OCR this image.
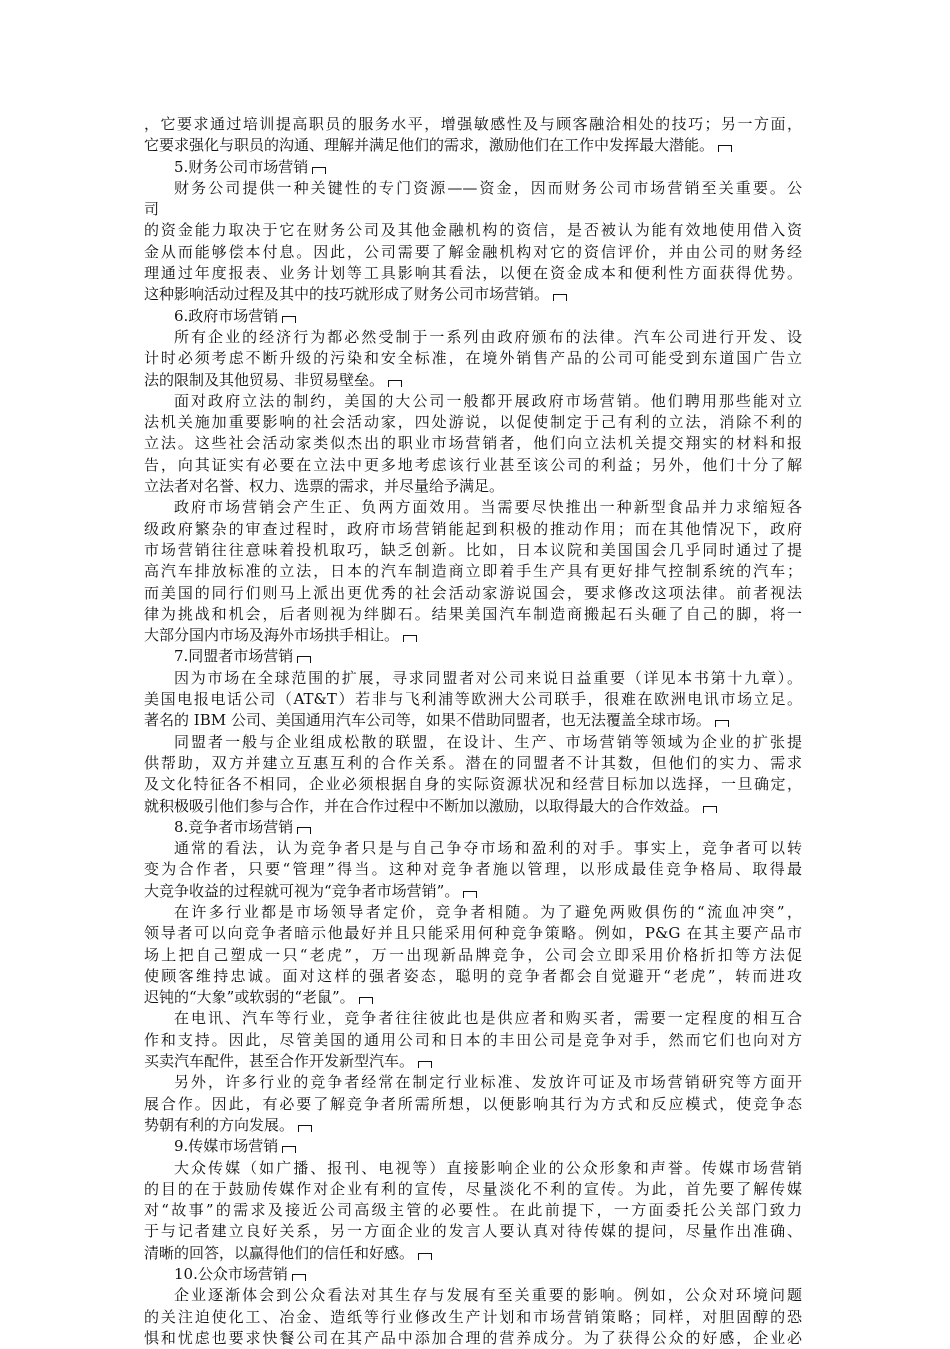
，它要求通过培训提高职员的服务水平，增强敏感性及与顾客融洽相处的技巧；另一方面，
它要求强化与职员的沟通、理解并满足他们的需求，激励他们在工作中发挥最大潜能。
5.财务公司市场营销
财务公司提供一种关键性的专门资源——资金，因而财务公司市场营销至关重要。公
司
的资金能力取决于它在财务公司及其他金融机构的资信，是否被认为能有效地使用借入资
金从而能够偿本付息。因此，公司需要了解金融机构对它的资信评价，并由公司的财务经
理通过年度报表、业务计划等工具影响其看法，以便在资金成本和便利性方面获得优势。
这种影响活动过程及其中的技巧就形成了财务公司市场营销。
6.政府市场营销
所有企业的经济行为都必然受制于一系列由政府颁布的法律。汽车公司进行开发、设
计时必须考虑不断升级的污染和安全标准，在境外销售产品的公司可能受到东道国广告立
法的限制及其他贸易、非贸易壁垒。
面对政府立法的制约，美国的大公司一般都开展政府市场营销。他们聘用那些能对立
法机关施加重要影响的社会活动家，四处游说，以促使制定于己有利的立法，消除不利的
立法。这些社会活动家类似杰出的职业市场营销者，他们向立法机关提交翔实的材料和报
告，向其证实有必要在立法中更多地考虑该行业甚至该公司的利益；另外，他们十分了解
立法者对名誉、权力、选票的需求，并尽量给予满足。
政府市场营销会产生正、负两方面效用。当需要尽快推出一种新型食品并力求缩短各
级政府繁杂的审查过程时，政府市场营销能起到积极的推动作用；而在其他情况下，政府
市场营销往往意味着投机取巧，缺乏创新。比如，日本议院和美国国会几乎同时通过了提
高汽车排放标准的立法，日本的汽车制造商立即着手生产具有更好排气控制系统的汽车；
而美国的同行们则马上派出更优秀的社会活动家游说国会，要求修改这项法律。前者视法
律为挑战和机会，后者则视为绊脚石。结果美国汽车制造商搬起石头砸了自己的脚，将一
大部分国内市场及海外市场拱手相让。
7.同盟者市场营销
因为市场在全球范围的扩展，寻求同盟者对公司来说日益重要（详见本书第十九章）。
美国电报电话公司（AT&T）若非与飞利浦等欧洲大公司联手，很难在欧洲电讯市场立足。
著名的 IBM 公司、美国通用汽车公司等，如果不借助同盟者，也无法覆盖全球市场。
同盟者一般与企业组成松散的联盟，在设计、生产、市场营销等领域为企业的扩张提
供帮助，双方并建立互惠互利的合作关系。潜在的同盟者不计其数，但他们的实力、需求
及文化特征各不相同，企业必须根据自身的实际资源状况和经营目标加以选择，一旦确定，
就积极吸引他们参与合作，并在合作过程中不断加以激励，以取得最大的合作效益。
8.竞争者市场营销
通常的看法，认为竞争者只是与自己争夺市场和盈利的对手。事实上，竞争者可以转
变为合作者，只要“管理”得当。这种对竞争者施以管理，以形成最佳竞争格局、取得最
大竞争收益的过程就可视为“竞争者市场营销”。
在许多行业都是市场领导者定价，竞争者相随。为了避免两败俱伤的“流血冲突”，
领导者可以向竞争者暗示他最好并且只能采用何种竞争策略。例如，P&G 在其主要产品市
场上把自己塑成一只“老虎”，万一出现新品牌竞争，公司会立即采用价格折扣等方法促
使顾客维持忠诚。面对这样的强者姿态，聪明的竞争者都会自觉避开“老虎”，转而进攻
迟钝的“大象”或软弱的“老鼠”。
在电讯、汽车等行业，竞争者往往彼此也是供应者和购买者，需要一定程度的相互合
作和支持。因此，尽管美国的通用公司和日本的丰田公司是竞争对手，然而它们也向对方
买卖汽车配件，甚至合作开发新型汽车。
另外，许多行业的竞争者经常在制定行业标准、发放许可证及市场营销研究等方面开
展合作。因此，有必要了解竞争者所需所想，以便影响其行为方式和反应模式，使竞争态
势朝有利的方向发展。
9.传媒市场营销
大众传媒（如广播、报刊、电视等）直接影响企业的公众形象和声誉。传媒市场营销
的目的在于鼓励传媒作对企业有利的宣传，尽量淡化不利的宣传。为此，首先要了解传媒
对“故事”的需求及接近公司高级主管的必要性。在此前提下，一方面委托公关部门致力
于与记者建立良好关系，另一方面企业的发言人要认真对待传媒的提问，尽量作出准确、
清晰的回答，以赢得他们的信任和好感。
10.公众市场营销
企业逐渐体会到公众看法对其生存与发展有至关重要的影响。例如，公众对环境问题
的关注迫使化工、冶金、造纸等行业修改生产计划和市场营销策略；同样，对胆固醇的恐
惧和忧虑也要求快餐公司在其产品中添加合理的营养成分。为了获得公众的好感，企业必
